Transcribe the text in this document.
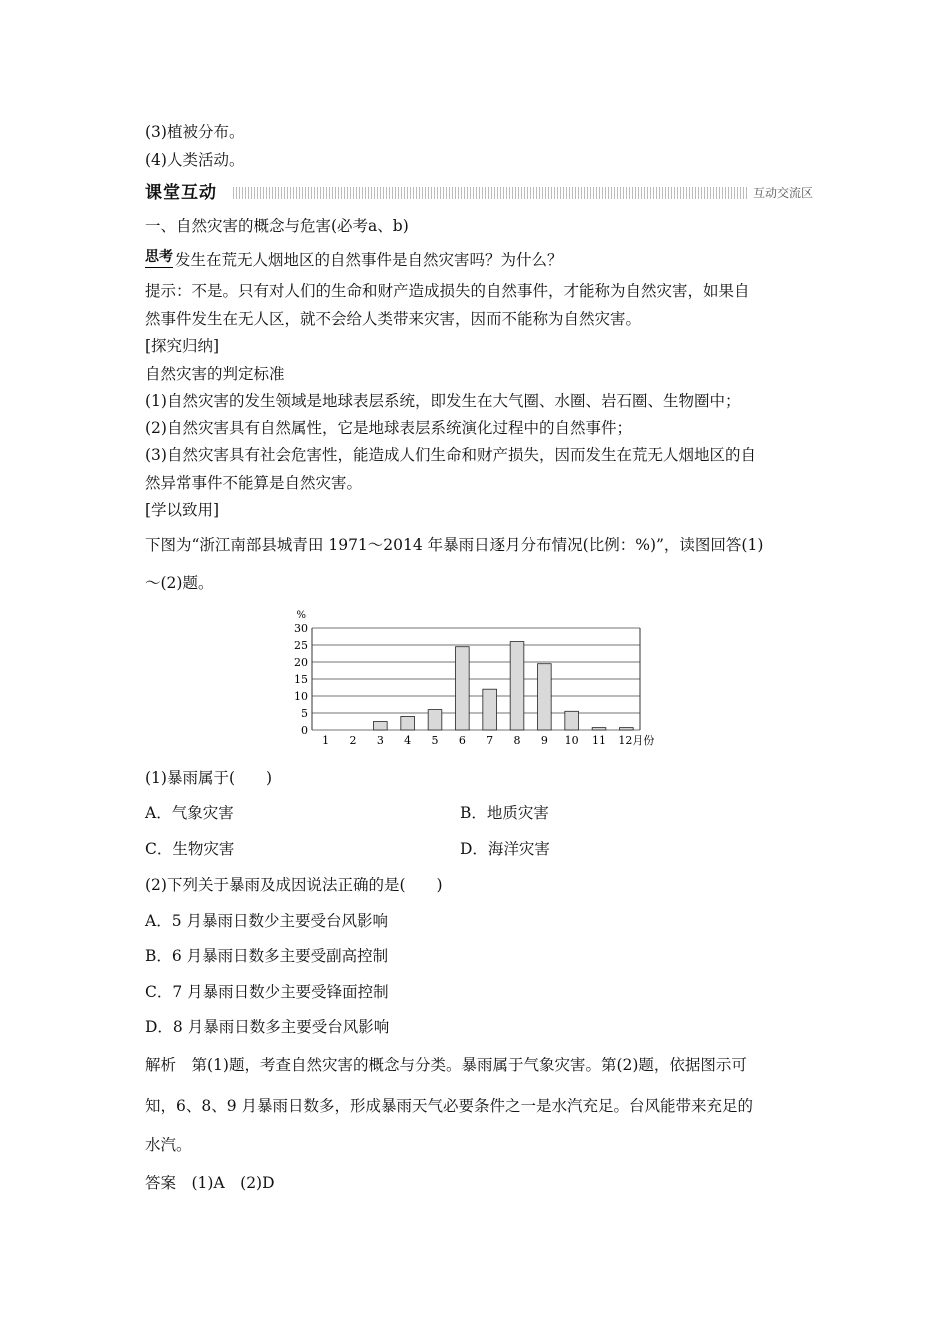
(3)植被分布。
(4)人类活动。
课堂互动	互动交流区
一、自然灾害的概念与危害(必考a、b)
思考 发生在荒无人烟地区的自然事件是自然灾害吗？为什么？
提示：不是。只有对人们的生命和财产造成损失的自然事件，才能称为自然灾害，如果自
然事件发生在无人区，就不会给人类带来灾害，因而不能称为自然灾害。
[探究归纳]
自然灾害的判定标准
(1)自然灾害的发生领域是地球表层系统，即发生在大气圈、水圈、岩石圈、生物圈中；
(2)自然灾害具有自然属性，它是地球表层系统演化过程中的自然事件；
(3)自然灾害具有社会危害性，能造成人们生命和财产损失，因而发生在荒无人烟地区的自
然异常事件不能算是自然灾害。
[学以致用]
下图为“浙江南部县城青田 1971～2014 年暴雨日逐月分布情况(比例：%)”，读图回答(1)
～(2)题。
0
5
10
15
20
25
30
%
1 2 3 4 5 6 7 8 9 10 11 12月份
(1)暴雨属于(　　)
A．气象灾害	B．地质灾害
C．生物灾害	D．海洋灾害
(2)下列关于暴雨及成因说法正确的是(　　)
A．5 月暴雨日数少主要受台风影响
B．6 月暴雨日数多主要受副高控制
C．7 月暴雨日数少主要受锋面控制
D．8 月暴雨日数多主要受台风影响
解析　第(1)题，考查自然灾害的概念与分类。暴雨属于气象灾害。第(2)题，依据图示可
知，6、8、9 月暴雨日数多，形成暴雨天气必要条件之一是水汽充足。台风能带来充足的
水汽。
答案　(1)A　(2)D
